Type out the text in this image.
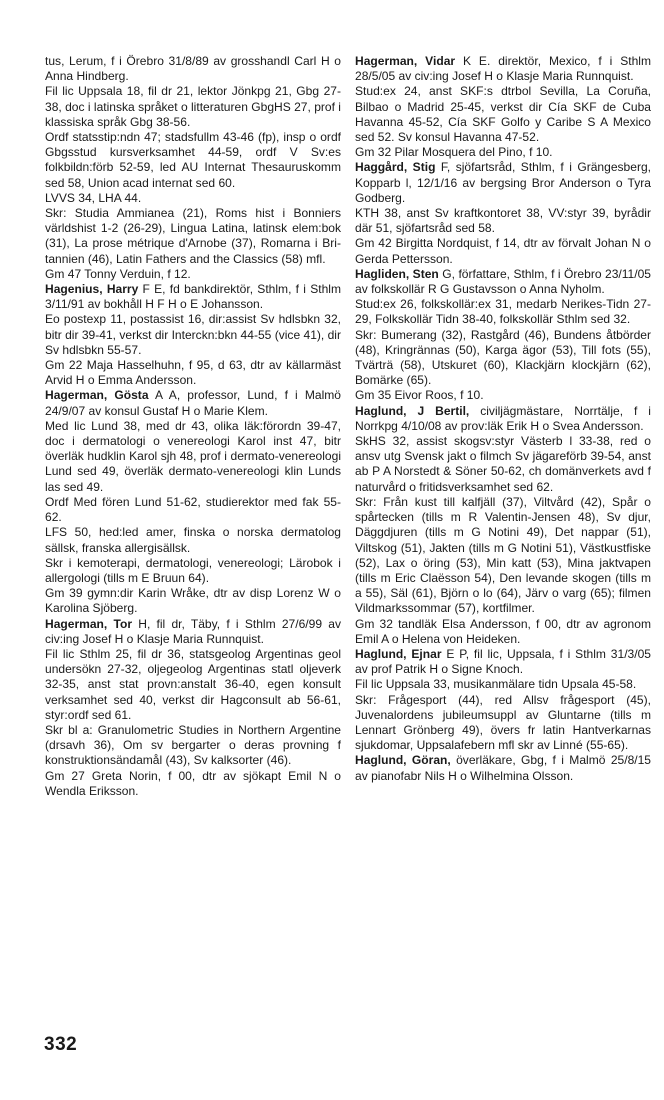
tus, Lerum, f i Örebro 31/8/89 av grosshandl Carl H o Anna Hindberg.

Fil lic Uppsala 18, fil dr 21, lektor Jönkpg 21, Gbg 27-38, doc i latinska språket o litteraturen GbgHS 27, prof i klassiska språk Gbg 38-56.

Ordf statsstip:ndn 47; stadsfullm 43-46 (fp), insp o ordf Gbgsstud kursverksamhet 44-59, ordf V Sv:es folkbildn:förb 52-59, led AU Internat Thesauruskomm sed 58, Union acad internat sed 60.

LVVS 34, LHA 44.

Skr: Studia Ammianea (21), Roms hist i Bonniers världshist 1-2 (26-29), Lingua Latina, latinsk elem:bok (31), La prose métrique d'Arnobe (37), Romarna i Britannien (46), Latin Fathers and the Classics (58) mfl.

Gm 47 Tonny Verduin, f 12.

Hagenius, Harry F E, fd bankdirektör, Sthlm, f i Sthlm 3/11/91 av bokhåll H F H o E Johansson.

Eo postexp 11, postassist 16, dir:assist Sv hdlsbkn 32, bitr dir 39-41, verkst dir Interckn:bkn 44-55 (vice 41), dir Sv hdlsbkn 55-57.

Gm 22 Maja Hasselhuhn, f 95, d 63, dtr av källarmäst Arvid H o Emma Andersson.

Hagerman, Gösta A A, professor, Lund, f i Malmö 24/9/07 av konsul Gustaf H o Marie Klem.

Med lic Lund 38, med dr 43, olika läk:förordn 39-47, doc i dermatologi o venereologi Karol inst 47, bitr överläk hudklin Karol sjh 48, prof i dermato-venereologi Lund sed 49, överläk dermato-venereologi klin Lunds las sed 49.

Ordf Med fören Lund 51-62, studierektor med fak 55-62.

LFS 50, hed:led amer, finska o norska dermatolog sällsk, franska allergisällsk.

Skr i kemoterapi, dermatologi, venereologi; Lärobok i allergologi (tills m E Bruun 64).

Gm 39 gymn:dir Karin Wråke, dtr av disp Lorenz W o Karolina Sjöberg.

Hagerman, Tor H, fil dr, Täby, f i Sthlm 27/6/99 av civ:ing Josef H o Klasje Maria Runnquist.

Fil lic Sthlm 25, fil dr 36, statsgeolog Argentinas geol undersökn 27-32, oljegeolog Argentinas statl oljeverk 32-35, anst stat provn:anstalt 36-40, egen konsult verksamhet sed 40, verkst dir Hagconsult ab 56-61, styr:ordf sed 61.

Skr bl a: Granulometric Studies in Northern Argentine (drsavh 36), Om sv bergarter o deras provning f konstruktionsändamål (43), Sv kalksorter (46).

Gm 27 Greta Norin, f 00, dtr av sjökapt Emil N o Wendla Eriksson.

Hagerman, Vidar K E. direktör, Mexico, f i Sthlm 28/5/05 av civ:ing Josef H o Klasje Maria Runnquist.

Stud:ex 24, anst SKF:s dtrbol Sevilla, La Coruña, Bilbao o Madrid 25-45, verkst dir Cía SKF de Cuba Havanna 45-52, Cía SKF Golfo y Caribe S A Mexico sed 52. Sv konsul Havanna 47-52.

Gm 32 Pilar Mosquera del Pino, f 10.

Haggård, Stig F, sjöfartsråd, Sthlm, f i Grängesberg, Kopparb l, 12/1/16 av bergsing Bror Anderson o Tyra Godberg.

KTH 38, anst Sv kraftkontoret 38, VV:styr 39, byrådir där 51, sjöfartsråd sed 58.

Gm 42 Birgitta Nordquist, f 14, dtr av förvalt Johan N o Gerda Pettersson.

Hagliden, Sten G, författare, Sthlm, f i Örebro 23/11/05 av folkskollär R G Gustavsson o Anna Nyholm.

Stud:ex 26, folkskollär:ex 31, medarb Nerikes-Tidn 27-29, Folkskollär Tidn 38-40, folkskollär Sthlm sed 32.

Skr: Bumerang (32), Rastgård (46), Bundens åtbörder (48), Kringrännas (50), Karga ägor (53), Till fots (55), Tvärträ (58), Utskuret (60), Klackjärn klockjärn (62), Bomärke (65).

Gm 35 Eivor Roos, f 10.

Haglund, J Bertil, civiljägmästare, Norrtälje, f i Norrkpg 4/10/08 av prov:läk Erik H o Svea Andersson.

SkHS 32, assist skogsv:styr Västerb l 33-38, red o ansv utg Svensk jakt o filmch Sv jägareförb 39-54, anst ab P A Norstedt & Söner 50-62, ch domänverkets avd f naturvård o fritidsverksamhet sed 62.

Skr: Från kust till kalfjäll (37), Viltvård (42), Spår o spårtecken (tills m R Valentin-Jensen 48), Sv djur, Däggdjuren (tills m G Notini 49), Det nappar (51), Viltskog (51), Jakten (tills m G Notini 51), Västkustfiske (52), Lax o öring (53), Min katt (53), Mina jaktvapen (tills m Eric Claësson 54), Den levande skogen (tills m a 55), Säl (61), Björn o lo (64), Järv o varg (65); filmen Vildmarkssommar (57), kortfilmer.

Gm 32 tandläk Elsa Andersson, f 00, dtr av agronom Emil A o Helena von Heideken.

Haglund, Ejnar E P, fil lic, Uppsala, f i Sthlm 31/3/05 av prof Patrik H o Signe Knoch.

Fil lic Uppsala 33, musikanmälare tidn Upsala 45-58.

Skr: Frågesport (44), red Allsv frågesport (45), Juvenalordens jubileumsuppl av Gluntarne (tills m Lennart Grönberg 49), övers fr latin Hantverkarnas sjukdomar, Uppsalafebern mfl skr av Linné (55-65).

Haglund, Göran, överläkare, Gbg, f i Malmö 25/8/15 av pianofabr Nils H o Wilhelmina Olsson.

332
